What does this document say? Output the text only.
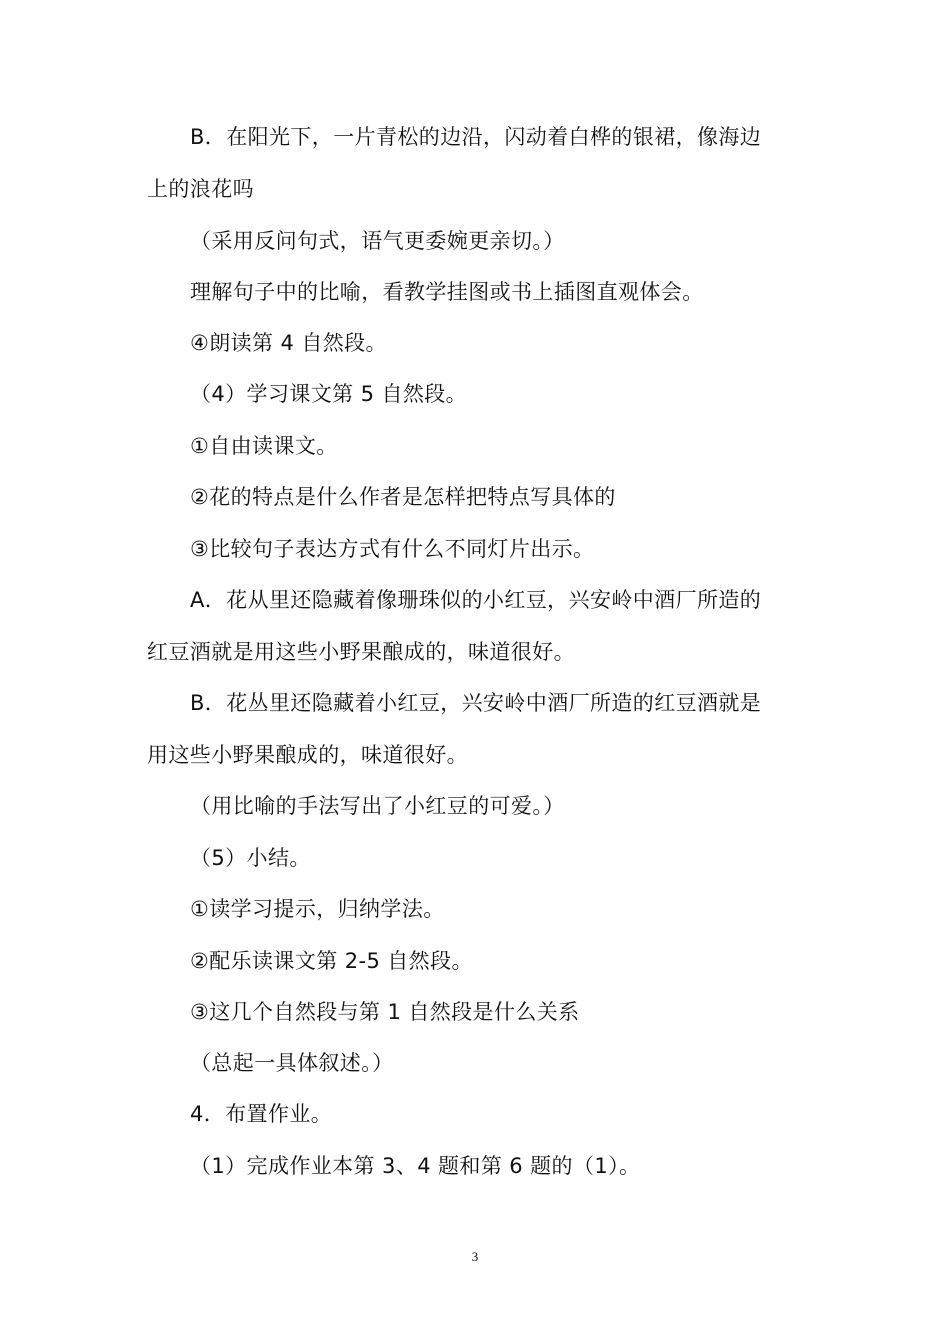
B．在阳光下，一片青松的边沿，闪动着白桦的银裙，像海边
上的浪花吗
（采用反问句式，语气更委婉更亲切。）
理解句子中的比喻，看教学挂图或书上插图直观体会。
④朗读第 4 自然段。
（4）学习课文第 5 自然段。
①自由读课文。
②花的特点是什么作者是怎样把特点写具体的
③比较句子表达方式有什么不同灯片出示。
A．花从里还隐藏着像珊珠似的小红豆，兴安岭中酒厂所造的
红豆酒就是用这些小野果酿成的，味道很好。
B．花丛里还隐藏着小红豆，兴安岭中酒厂所造的红豆酒就是
用这些小野果酿成的，味道很好。
（用比喻的手法写出了小红豆的可爱。）
（5）小结。
①读学习提示，归纳学法。
②配乐读课文第 2-5 自然段。
③这几个自然段与第 1 自然段是什么关系
（总起一具体叙述。）
4．布置作业。
（1）完成作业本第 3、4 题和第 6 题的（1）。
3
